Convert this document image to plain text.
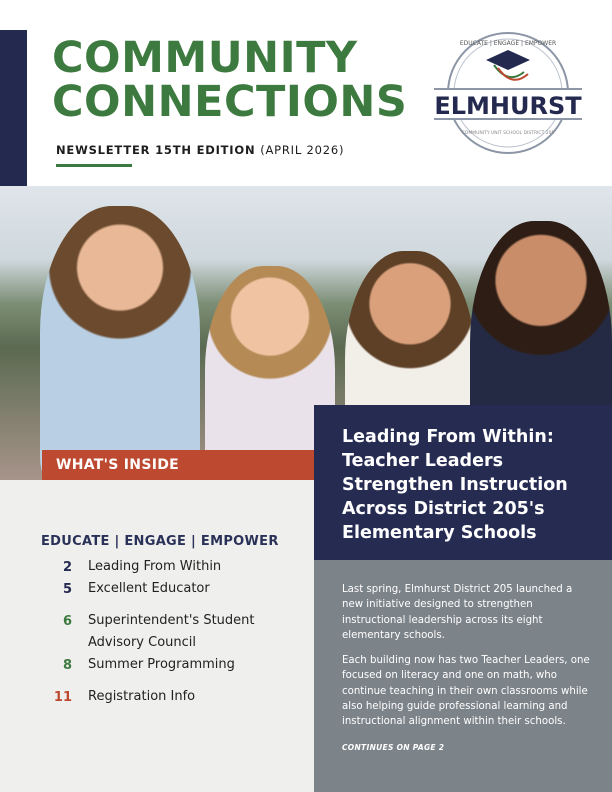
COMMUNITY
CONNECTIONS
NEWSLETTER 15TH EDITION (APRIL 2026)
ELMHURST
EDUCATE | ENGAGE | EMPOWER
COMMUNITY UNIT SCHOOL DISTRICT 205
WHAT'S INSIDE
EDUCATE | ENGAGE | EMPOWER
2 Leading From Within
5 Excellent Educator
6 Superintendent's Student Advisory Council
8 Summer Programming
11 Registration Info
Leading From Within: Teacher Leaders Strengthen Instruction Across District 205's Elementary Schools

Last spring, Elmhurst District 205 launched a new initiative designed to strengthen instructional leadership across its eight elementary schools.

Each building now has two Teacher Leaders, one focused on literacy and one on math, who continue teaching in their own classrooms while also helping guide professional learning and instructional alignment within their schools.

CONTINUES ON PAGE 2
